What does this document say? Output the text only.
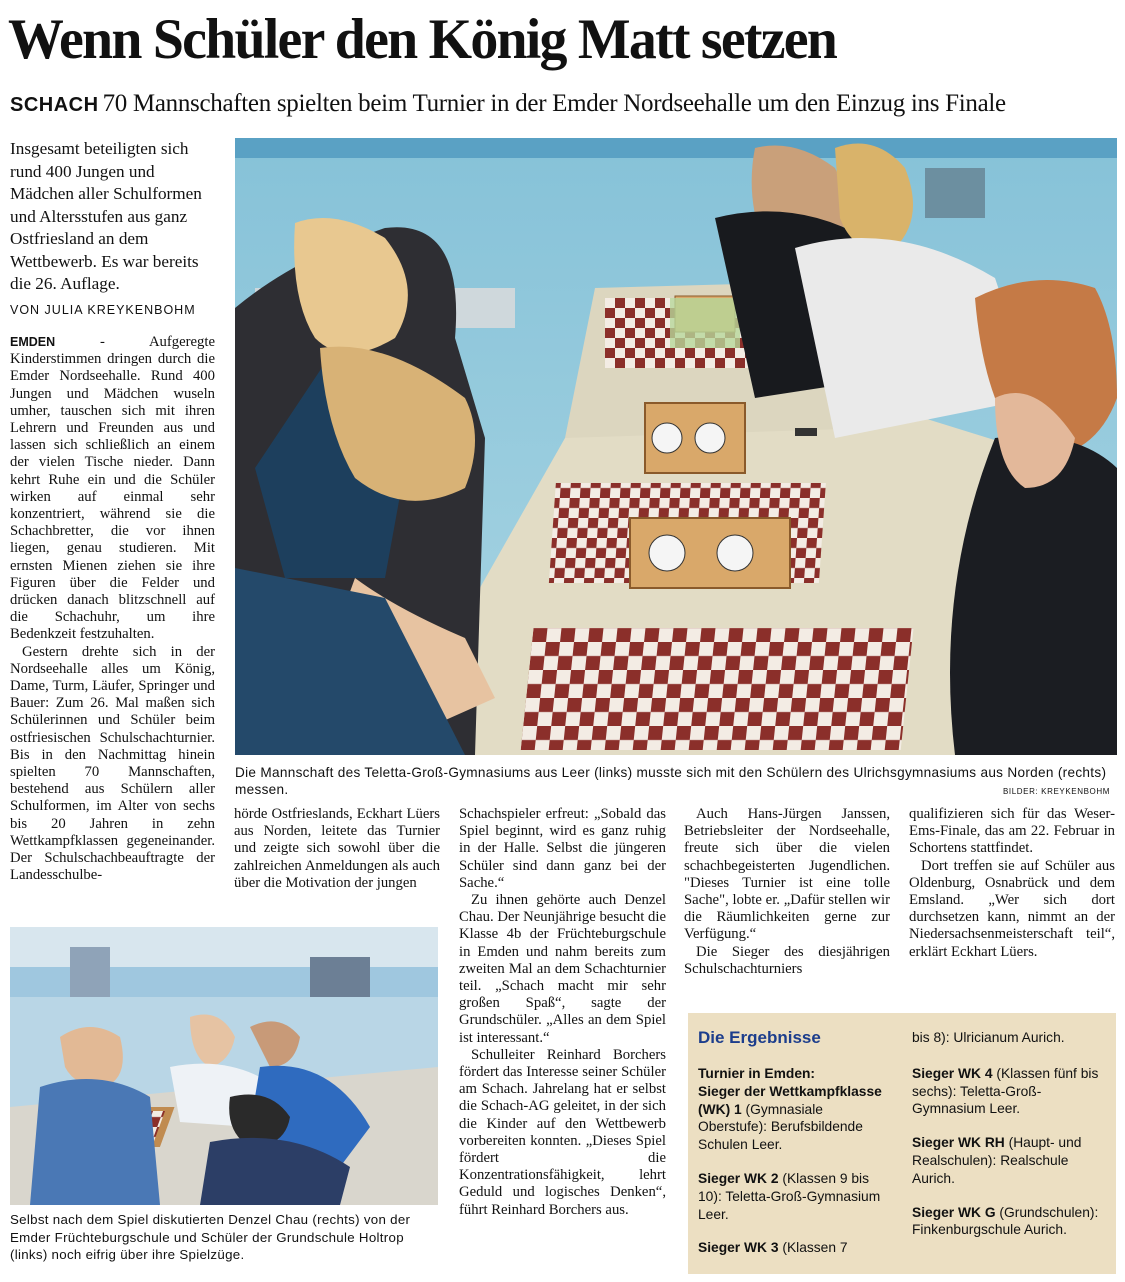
Wenn Schüler den König Matt setzen
SCHACH 70 Mannschaften spielten beim Turnier in der Emder Nordseehalle um den Einzug ins Finale
Insgesamt beteiligten sich rund 400 Jungen und Mädchen aller Schulformen und Altersstufen aus ganz Ostfriesland an dem Wettbewerb. Es war bereits die 26. Auflage.
VON JULIA KREYKENBOHM
Die Mannschaft des Teletta-Groß-Gymnasiums aus Leer (links) musste sich mit den Schülern des Ulrichsgymnasiums aus Norden (rechts) messen.	BILDER: KREYKENBOHM

EMDEN - Aufgeregte Kinderstimmen dringen durch die Emder Nordseehalle. Rund 400 Jungen und Mädchen wuseln umher, tauschen sich mit ihren Lehrern und Freunden aus und lassen sich schließlich an einem der vielen Tische nieder. Dann kehrt Ruhe ein und die Schüler wirken auf einmal sehr konzentriert, während sie die Schachbretter, die vor ihnen liegen, genau studieren. Mit ernsten Mienen ziehen sie ihre Figuren über die Felder und drücken danach blitzschnell auf die Schachuhr, um ihre Bedenkzeit festzuhalten.

Gestern drehte sich in der Nordseehalle alles um König, Dame, Turm, Läufer, Springer und Bauer: Zum 26. Mal maßen sich Schülerinnen und Schüler beim ostfriesischen Schulschachturnier. Bis in den Nachmittag hinein spielten 70 Mannschaften, bestehend aus Schülern aller Schulformen, im Alter von sechs bis 20 Jahren in zehn Wettkampfklassen gegeneinander. Der Schulschachbeauftragte der Landesschulbe-

hörde Ostfrieslands, Eckhart Lüers aus Norden, leitete das Turnier und zeigte sich sowohl über die zahlreichen Anmeldungen als auch über die Motivation der jungen

Selbst nach dem Spiel diskutierten Denzel Chau (rechts) von der Emder Früchteburgschule und Schüler der Grundschule Holtrop (links) noch eifrig über ihre Spielzüge.

Schachspieler erfreut: „Sobald das Spiel beginnt, wird es ganz ruhig in der Halle. Selbst die jüngeren Schüler sind dann ganz bei der Sache.“

Zu ihnen gehörte auch Denzel Chau. Der Neunjährige besucht die Klasse 4b der Früchteburgschule in Emden und nahm bereits zum zweiten Mal an dem Schachturnier teil. „Schach macht mir sehr großen Spaß“, sagte der Grundschüler. „Alles an dem Spiel ist interessant.“

Schulleiter Reinhard Borchers fördert das Interesse seiner Schüler am Schach. Jahrelang hat er selbst die Schach-AG geleitet, in der sich die Kinder auf den Wettbewerb vorbereiten konnten. „Dieses Spiel fördert die Konzentrationsfähigkeit, lehrt Geduld und logisches Denken“, führt Reinhard Borchers aus.

Auch Hans-Jürgen Janssen, Betriebsleiter der Nordseehalle, freute sich über die vielen schachbegeisterten Jugendlichen. "Dieses Turnier ist eine tolle Sache", lobte er. „Dafür stellen wir die Räumlichkeiten gerne zur Verfügung.“

Die Sieger des diesjährigen Schulschachturniers

qualifizieren sich für das Weser-Ems-Finale, das am 22. Februar in Schortens stattfindet.

Dort treffen sie auf Schüler aus Oldenburg, Osnabrück und dem Emsland. „Wer sich dort durchsetzen kann, nimmt an der Niedersachsenmeisterschaft teil“, erklärt Eckhart Lüers.

Die Ergebnisse
Turnier in Emden:
Sieger der Wettkampfklasse (WK) 1 (Gymnasiale Oberstufe): Berufsbildende Schulen Leer.
Sieger WK 2 (Klassen 9 bis 10): Teletta-Groß-Gymnasium Leer.
Sieger WK 3 (Klassen 7
bis 8): Ulricianum Aurich.
Sieger WK 4 (Klassen fünf bis sechs): Teletta-Groß-Gymnasium Leer.
Sieger WK RH (Haupt- und Realschulen): Realschule Aurich.
Sieger WK G (Grundschulen): Finkenburgschule Aurich.
